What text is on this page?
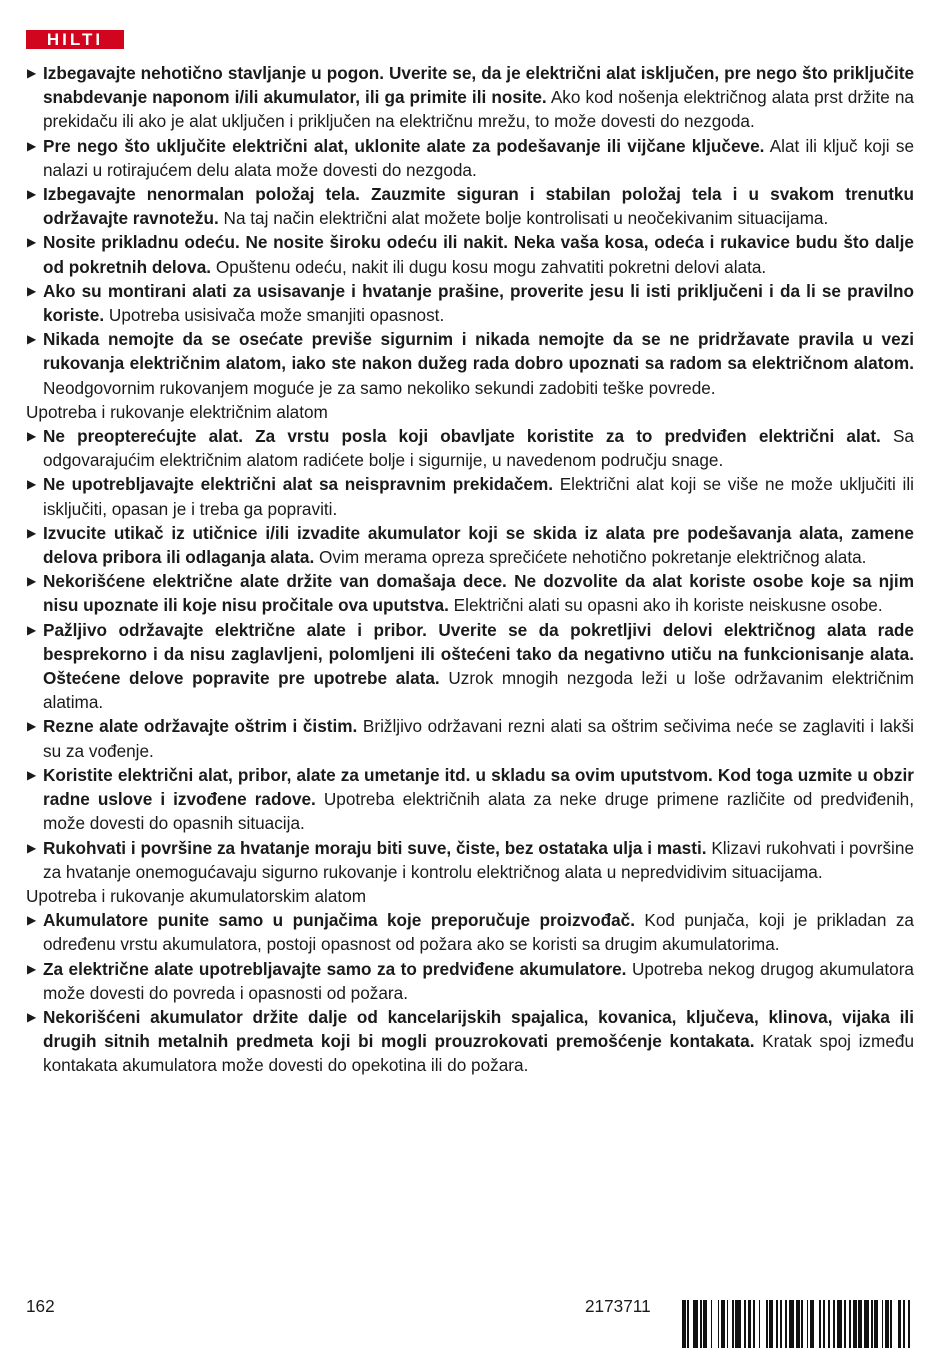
HILTI
▶ Izbegavajte nehotično stavljanje u pogon. Uverite se, da je električni alat isključen, pre nego što priključite snabdevanje naponom i/ili akumulator, ili ga primite ili nosite. Ako kod nošenja električnog alata prst držite na prekidaču ili ako je alat uključen i priključen na električnu mrežu, to može dovesti do nezgoda.
▶ Pre nego što uključite električni alat, uklonite alate za podešavanje ili vijčane ključeve. Alat ili ključ koji se nalazi u rotirajućem delu alata može dovesti do nezgoda.
▶ Izbegavajte nenormalan položaj tela. Zauzmite siguran i stabilan položaj tela i u svakom trenutku održavajte ravnotežu. Na taj način električni alat možete bolje kontrolisati u neočekivanim situacijama.
▶ Nosite prikladnu odeću. Ne nosite široku odeću ili nakit. Neka vaša kosa, odeća i rukavice budu što dalje od pokretnih delova. Opuštenu odeću, nakit ili dugu kosu mogu zahvatiti pokretni delovi alata.
▶ Ako su montirani alati za usisavanje i hvatanje prašine, proverite jesu li isti priključeni i da li se pravilno koriste. Upotreba usisivača može smanjiti opasnost.
▶ Nikada nemojte da se osećate previše sigurnim i nikada nemojte da se ne pridržavate pravila u vezi rukovanja električnim alatom, iako ste nakon dužeg rada dobro upoznati sa radom sa električnom alatom. Neodgovornim rukovanjem moguće je za samo nekoliko sekundi zadobiti teške povrede.
Upotreba i rukovanje električnim alatom
▶ Ne preopterećujte alat. Za vrstu posla koji obavljate koristite za to predviđen električni alat. Sa odgovarajućim električnim alatom radićete bolje i sigurnije, u navedenom području snage.
▶ Ne upotrebljavajte električni alat sa neispravnim prekidačem. Električni alat koji se više ne može uključiti ili isključiti, opasan je i treba ga popraviti.
▶ Izvucite utikač iz utičnice i/ili izvadite akumulator koji se skida iz alata pre podešavanja alata, zamene delova pribora ili odlaganja alata. Ovim merama opreza sprečićete nehotično pokretanje električnog alata.
▶ Nekorišćene električne alate držite van domašaja dece. Ne dozvolite da alat koriste osobe koje sa njim nisu upoznate ili koje nisu pročitale ova uputstva. Električni alati su opasni ako ih koriste neiskusne osobe.
▶ Pažljivo održavajte električne alate i pribor. Uverite se da pokretljivi delovi električnog alata rade besprekorno i da nisu zaglavljeni, polomljeni ili oštećeni tako da negativno utiču na funkcionisanje alata. Oštećene delove popravite pre upotrebe alata. Uzrok mnogih nezgoda leži u loše održavanim električnim alatima.
▶ Rezne alate održavajte oštrim i čistim. Brižljivo održavani rezni alati sa oštrim sečivima neće se zaglaviti i lakši su za vođenje.
▶ Koristite električni alat, pribor, alate za umetanje itd. u skladu sa ovim uputstvom. Kod toga uzmite u obzir radne uslove i izvođene radove. Upotreba električnih alata za neke druge primene različite od predviđenih, može dovesti do opasnih situacija.
▶ Rukohvati i površine za hvatanje moraju biti suve, čiste, bez ostataka ulja i masti. Klizavi rukohvati i površine za hvatanje onemogućavaju sigurno rukovanje i kontrolu električnog alata u nepredvidivim situacijama.
Upotreba i rukovanje akumulatorskim alatom
▶ Akumulatore punite samo u punjačima koje preporučuje proizvođač. Kod punjača, koji je prikladan za određenu vrstu akumulatora, postoji opasnost od požara ako se koristi sa drugim akumulatorima.
▶ Za električne alate upotrebljavajte samo za to predviđene akumulatore. Upotreba nekog drugog akumulatora može dovesti do povreda i opasnosti od požara.
▶ Nekorišćeni akumulator držite dalje od kancelarijskih spajalica, kovanica, ključeva, klinova, vijaka ili drugih sitnih metalnih predmeta koji bi mogli prouzrokovati premošćenje kontakata. Kratak spoj između kontakata akumulatora može dovesti do opekotina ili do požara.
162	2173711
